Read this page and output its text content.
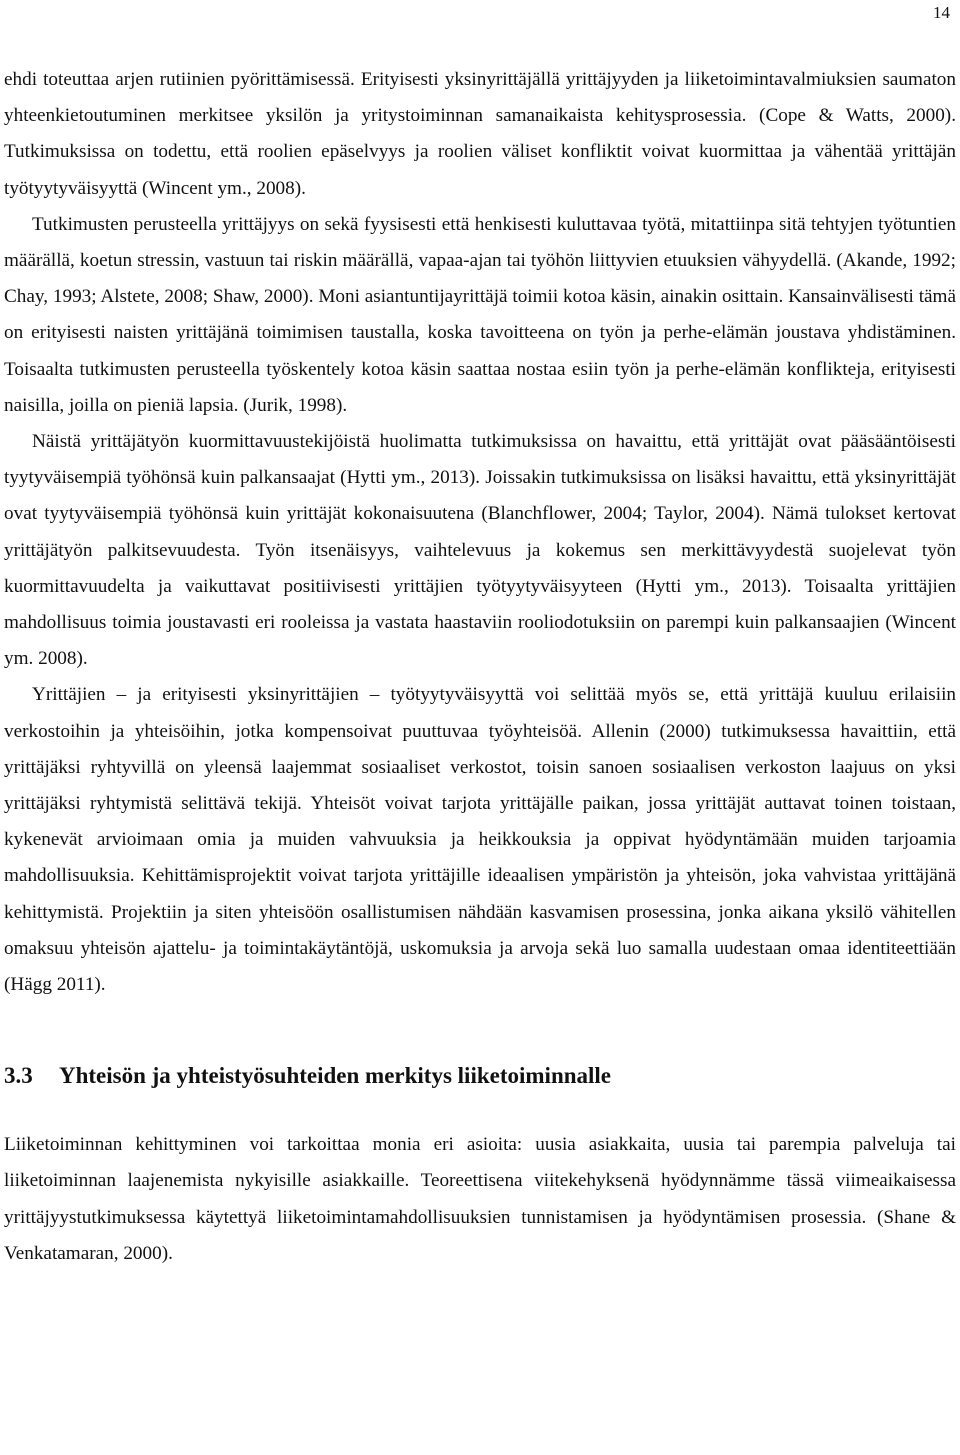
14

ehdi toteuttaa arjen rutiinien pyörittämisessä. Erityisesti yksinyrittäjällä yrittäjyyden ja liiketoimintavalmiuksien saumaton yhteenkietoutuminen merkitsee yksilön ja yritystoiminnan samanaikaista kehitysprosessia. (Cope & Watts, 2000). Tutkimuksissa on todettu, että roolien epäselvyys ja roolien väliset konfliktit voivat kuormittaa ja vähentää yrittäjän työtyytyväisyyttä (Wincent ym., 2008).

Tutkimusten perusteella yrittäjyys on sekä fyysisesti että henkisesti kuluttavaa työtä, mitattiinpa sitä tehtyjen työtuntien määrällä, koetun stressin, vastuun tai riskin määrällä, vapaa-ajan tai työhön liittyvien etuuksien vähyydellä. (Akande, 1992; Chay, 1993; Alstete, 2008; Shaw, 2000). Moni asiantuntijayrittäjä toimii kotoa käsin, ainakin osittain. Kansainvälisesti tämä on erityisesti naisten yrittäjänä toimimisen taustalla, koska tavoitteena on työn ja perhe-elämän joustava yhdistäminen. Toisaalta tutkimusten perusteella työskentely kotoa käsin saattaa nostaa esiin työn ja perhe-elämän konflikteja, erityisesti naisilla, joilla on pieniä lapsia. (Jurik, 1998).

Näistä yrittäjätyön kuormittavuustekijöistä huolimatta tutkimuksissa on havaittu, että yrittäjät ovat pääsääntöisesti tyytyväisempiä työhönsä kuin palkansaajat (Hytti ym., 2013). Joissakin tutkimuksissa on lisäksi havaittu, että yksinyrittäjät ovat tyytyväisempiä työhönsä kuin yrittäjät kokonaisuutena (Blanchflower, 2004; Taylor, 2004). Nämä tulokset kertovat yrittäjätyön palkitsevuudesta. Työn itsenäisyys, vaihtelevuus ja kokemus sen merkittävyydestä suojelevat työn kuormittavuudelta ja vaikuttavat positiivisesti yrittäjien työtyytyväisyyteen (Hytti ym., 2013). Toisaalta yrittäjien mahdollisuus toimia joustavasti eri rooleissa ja vastata haastaviin rooliodotuksiin on parempi kuin palkansaajien (Wincent ym. 2008).

Yrittäjien – ja erityisesti yksinyrittäjien – työtyytyväisyyttä voi selittää myös se, että yrittäjä kuuluu erilaisiin verkostoihin ja yhteisöihin, jotka kompensoivat puuttuvaa työyhteisöä. Allenin (2000) tutkimuksessa havaittiin, että yrittäjäksi ryhtyvillä on yleensä laajemmat sosiaaliset verkostot, toisin sanoen sosiaalisen verkoston laajuus on yksi yrittäjäksi ryhtymistä selittävä tekijä. Yhteisöt voivat tarjota yrittäjälle paikan, jossa yrittäjät auttavat toinen toistaan, kykenevät arvioimaan omia ja muiden vahvuuksia ja heikkouksia ja oppivat hyödyntämään muiden tarjoamia mahdollisuuksia. Kehittämisprojektit voivat tarjota yrittäjille ideaalisen ympäristön ja yhteisön, joka vahvistaa yrittäjänä kehittymistä. Projektiin ja siten yhteisöön osallistumisen nähdään kasvamisen prosessina, jonka aikana yksilö vähitellen omaksuu yhteisön ajattelu- ja toimintakäytäntöjä, uskomuksia ja arvoja sekä luo samalla uudestaan omaa identiteettiään (Hägg 2011).

3.3 Yhteisön ja yhteistyösuhteiden merkitys liiketoiminnalle

Liiketoiminnan kehittyminen voi tarkoittaa monia eri asioita: uusia asiakkaita, uusia tai parempia palveluja tai liiketoiminnan laajenemista nykyisille asiakkaille. Teoreettisena viitekehyksenä hyödynnämme tässä viimeaikaisessa yrittäjyystutkimuksessa käytettyä liiketoimintamahdollisuuksien tunnistamisen ja hyödyntämisen prosessia. (Shane & Venkatamaran, 2000).
